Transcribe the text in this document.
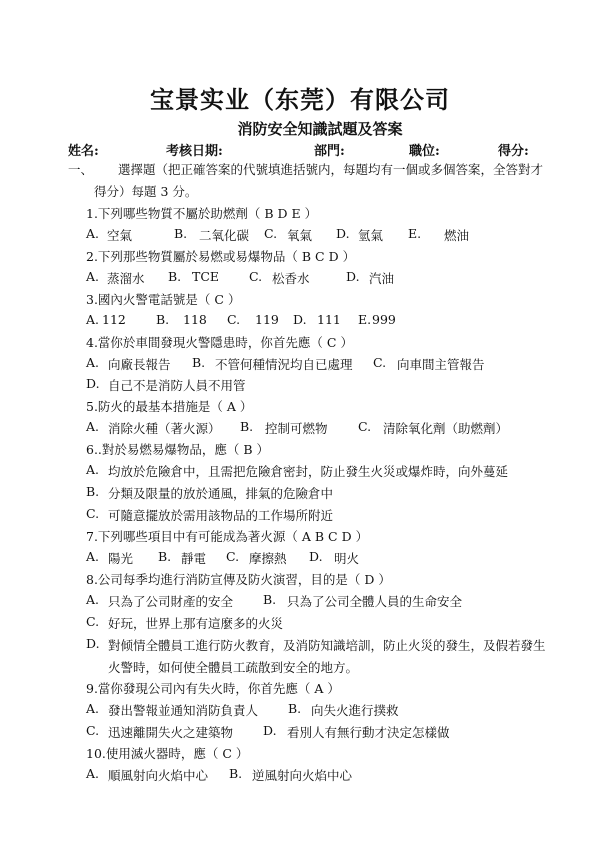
宝景实业（东莞）有限公司
消防安全知識試題及答案
姓名:	考核日期:	部門:	職位:	得分:
一、 選擇題（把正確答案的代號填進括號内，每題均有一個或多個答案，全答對才
得分）每題 3 分。
1.下列哪些物質不屬於助燃劑（ B D E ）
A. 空氣	B. 二氧化碳 C. 氧氣 D. 氫氣 E. 燃油
2.下列那些物質屬於易燃或易爆物品（ B C D ）
A. 蒸溜水 B. TCE C. 松香水	D. 汽油
3.國內火警電話號是（ C ）
A. 112 B. 118 C. 119 D. 111 E. 999
4.當你於車間發現火警隱患時，你首先應（ C ）
A. 向廠長報告 B. 不管何種情況均自已處理 C. 向車間主管報告
D. 自己不是消防人員不用管
5.防火的最基本措施是（ A ）
A. 消除火種（著火源） B. 控制可燃物 C. 清除氧化劑（助燃劑）
6..對於易燃易爆物品，應（ B ）
A. 均放於危險倉中，且需把危險倉密封，防止發生火災或爆炸時，向外蔓延
B. 分類及限量的放於通風，排氣的危險倉中
C. 可隨意擺放於需用該物品的工作場所附近
7.下列哪些項目中有可能成為著火源（ A B C D ）
A. 陽光 B. 靜電 C. 摩擦熱 D. 明火
8.公司每季均進行消防宣傳及防火演習，目的是（ D ）
A. 只為了公司財產的安全 B. 只為了公司全體人員的生命安全
C. 好玩，世界上那有這麼多的火災
D. 對倾情全體員工進行防火教育，及消防知識培訓，防止火災的發生，及假若發生
火警時，如何使全體員工疏散到安全的地方。
9.當你發現公司內有失火時，你首先應（ A ）
A. 發出警報並通知消防負責人 B. 向失火進行撲救
C. 迅速離開失火之建築物 D. 看別人有無行動才決定怎樣做
10.使用滅火器時，應（ C ）
A. 順風射向火焰中心 B. 逆風射向火焰中心
